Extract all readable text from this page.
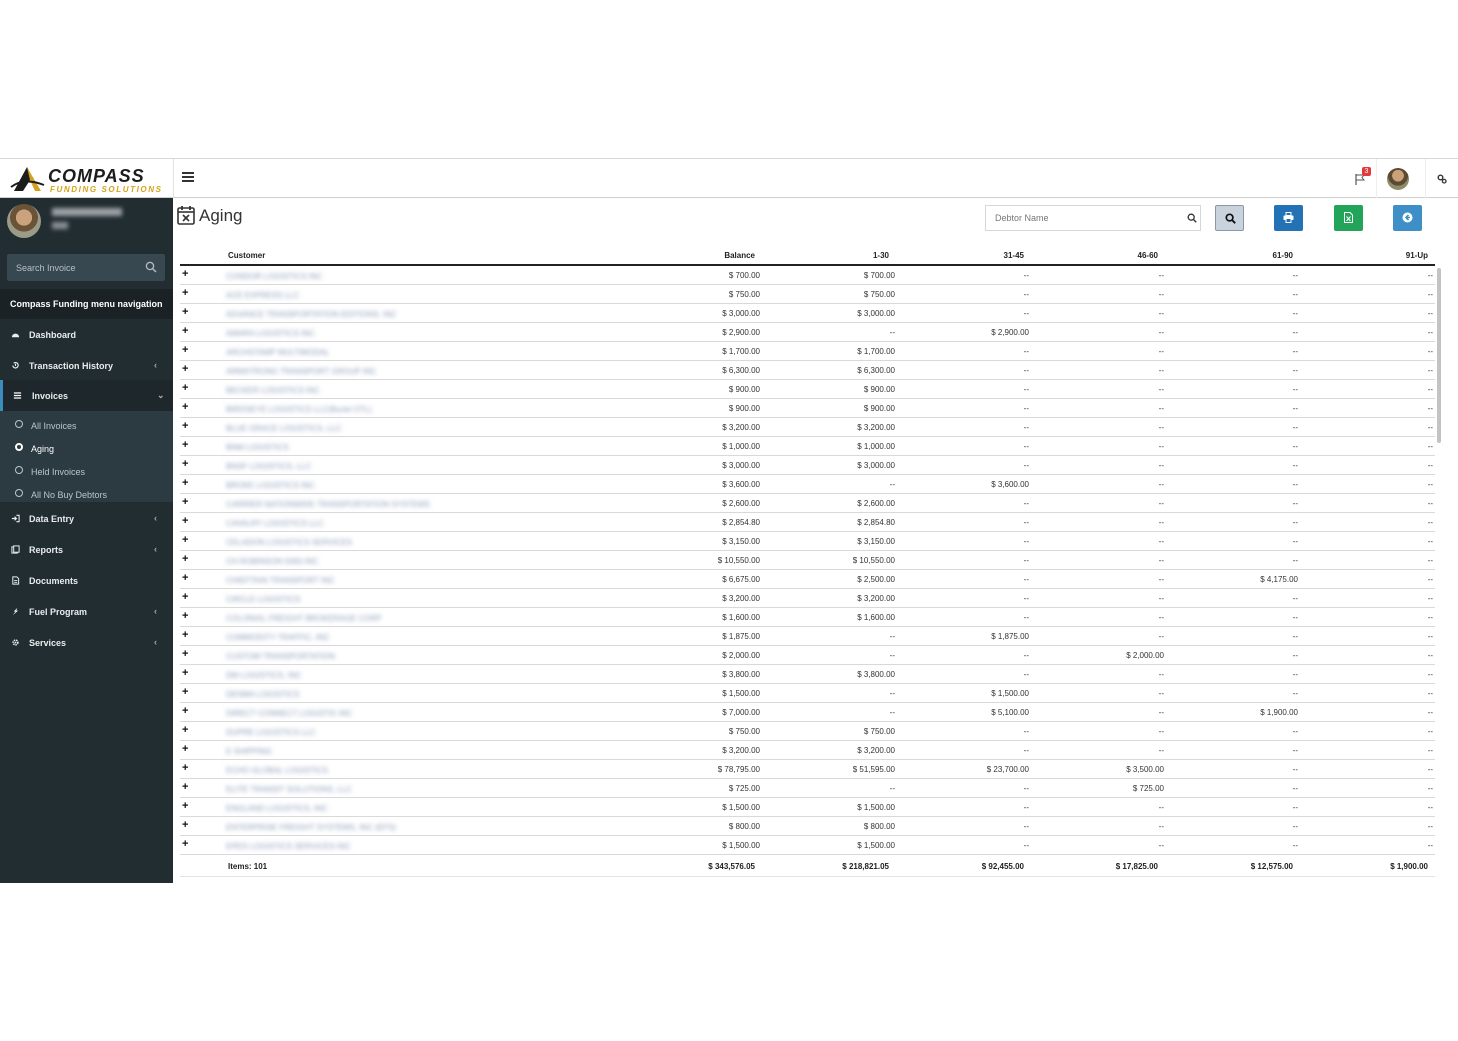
COMPASS
FUNDING SOLUTIONS
3
Search Invoice
Compass Funding menu navigation
Dashboard
Transaction History	‹
Invoices	⌄
All Invoices
Aging
Held Invoices
All No Buy Debtors
Data Entry	‹
Reports	‹
Documents
Fuel Program	‹
Services	‹
Aging
Debtor Name
Customer	Balance	1-30	31-45	46-60	61-90	91-Up
+	CONDOR LOGISTICS INC	$ 700.00	$ 700.00	--	--	--	--
+	ACE EXPRESS LLC	$ 750.00	$ 750.00	--	--	--	--
+	ADVANCE TRANSPORTATION EDITIONS, INC	$ 3,000.00	$ 3,000.00	--	--	--	--
+	AMARA LOGISTICS INC	$ 2,900.00	--	$ 2,900.00	--	--	--
+	ARCHSTAMP MULTIMODAL	$ 1,700.00	$ 1,700.00	--	--	--	--
+	ARMSTRONG TRANSPORT GROUP INC	$ 6,300.00	$ 6,300.00	--	--	--	--
+	BECKER LOGISTICS INC	$ 900.00	$ 900.00	--	--	--	--
+	BIRDSEYE LOGISTICS LLC(Buriel OTL)	$ 900.00	$ 900.00	--	--	--	--
+	BLUE GRACE LOGISTICS, LLC	$ 3,200.00	$ 3,200.00	--	--	--	--
+	BNM LOGISTICS	$ 1,000.00	$ 1,000.00	--	--	--	--
+	BNSF LOGISTICS, LLC	$ 3,000.00	$ 3,000.00	--	--	--	--
+	BROKE LOGISTICS INC	$ 3,600.00	--	$ 3,600.00	--	--	--
+	CARRIER NATIONWIDE TRANSPORTATION SYSTEMS	$ 2,600.00	$ 2,600.00	--	--	--	--
+	CAVALRY LOGISTICS LLC	$ 2,854.80	$ 2,854.80	--	--	--	--
+	CELADON LOGISTICS SERVICES	$ 3,150.00	$ 3,150.00	--	--	--	--
+	CH ROBINSON 5063 INC	$ 10,550.00	$ 10,550.00	--	--	--	--
+	CHIEFTAIN TRANSPORT INC	$ 6,675.00	$ 2,500.00	--	--	$ 4,175.00	--
+	CIRCLE LOGISTICS	$ 3,200.00	$ 3,200.00	--	--	--	--
+	COLONIAL FREIGHT BROKERAGE CORP	$ 1,600.00	$ 1,600.00	--	--	--	--
+	COMMODITY TRAFFIC, INC	$ 1,875.00	--	$ 1,875.00	--	--	--
+	CUSTOM TRANSPORTATION	$ 2,000.00	--	--	$ 2,000.00	--	--
+	DM LOGISTICS, INC	$ 3,800.00	$ 3,800.00	--	--	--	--
+	DENMA LOGISTICS	$ 1,500.00	--	$ 1,500.00	--	--	--
+	DIRECT CONNECT LOGISTIX INC	$ 7,000.00	--	$ 5,100.00	--	$ 1,900.00	--
+	DUPRE LOGISTICS LLC	$ 750.00	$ 750.00	--	--	--	--
+	E SHIPPING	$ 3,200.00	$ 3,200.00	--	--	--	--
+	ECHO GLOBAL LOGISTICS	$ 78,795.00	$ 51,595.00	$ 23,700.00	$ 3,500.00	--	--
+	ELITE TRANSIT SOLUTIONS, LLC	$ 725.00	--	--	$ 725.00	--	--
+	ENGLAND LOGISTICS, INC	$ 1,500.00	$ 1,500.00	--	--	--	--
+	ENTERPRISE FREIGHT SYSTEMS, INC (EFS)	$ 800.00	$ 800.00	--	--	--	--
+	EPES LOGISTICS SERVICES INC	$ 1,500.00	$ 1,500.00	--	--	--	--
Items: 101	$ 343,576.05	$ 218,821.05	$ 92,455.00	$ 17,825.00	$ 12,575.00	$ 1,900.00
